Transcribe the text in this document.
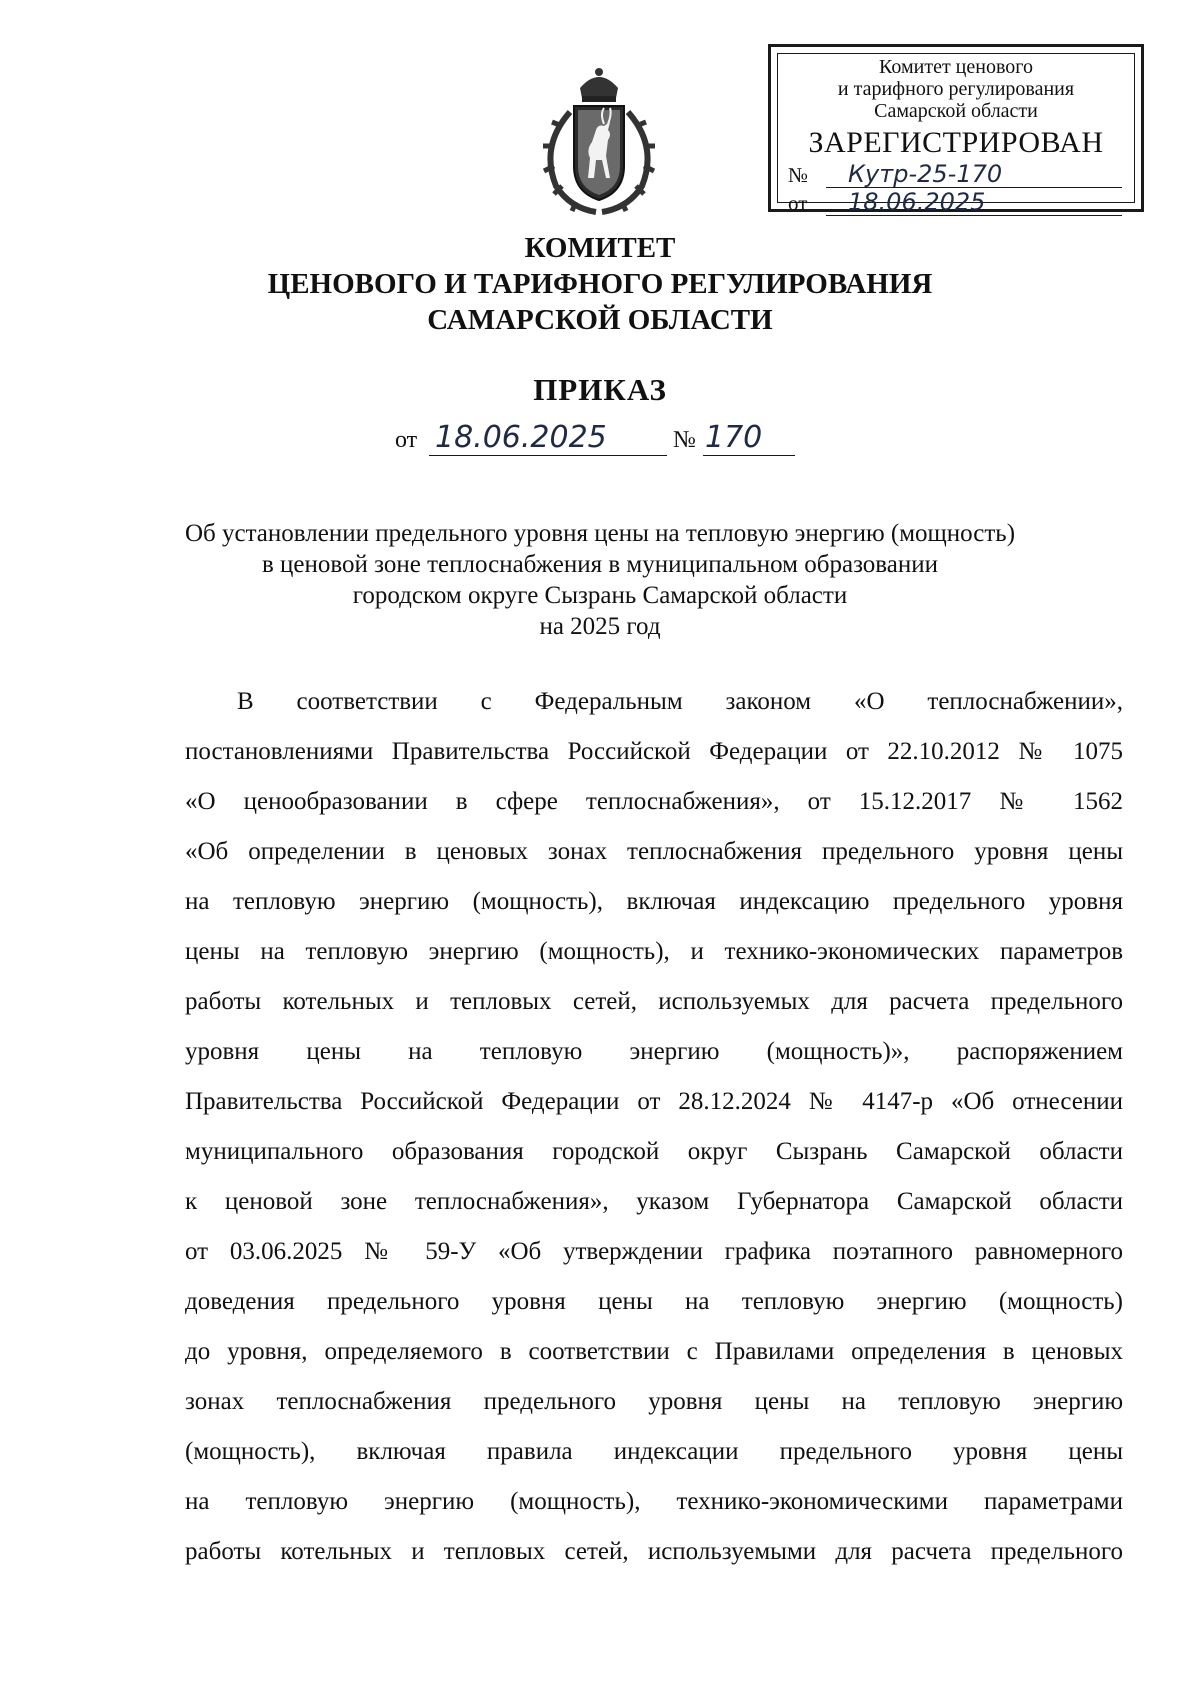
Комитет ценового
и тарифного регулирования
Самарской области
ЗАРЕГИСТРИРОВАН
№	Кутр-25-170
от	18.06.2025
КОМИТЕТ
ЦЕНОВОГО И ТАРИФНОГО РЕГУЛИРОВАНИЯ
САМАРСКОЙ ОБЛАСТИ
ПРИКАЗ
от 18.06.2025	№ 170
Об установлении предельного уровня цены на тепловую энергию (мощность)
в ценовой зоне теплоснабжения в муниципальном образовании
городском округе Сызрань Самарской области
на 2025 год
В соответствии с Федеральным законом «О теплоснабжении»,
постановлениями Правительства Российской Федерации от 22.10.2012 № 1075
«О ценообразовании в сфере теплоснабжения», от 15.12.2017 № 1562
«Об определении в ценовых зонах теплоснабжения предельного уровня цены
на тепловую энергию (мощность), включая индексацию предельного уровня
цены на тепловую энергию (мощность), и технико-экономических параметров
работы котельных и тепловых сетей, используемых для расчета предельного
уровня цены на тепловую энергию (мощность)», распоряжением
Правительства Российской Федерации от 28.12.2024 № 4147-р «Об отнесении
муниципального образования городской округ Сызрань Самарской области
к ценовой зоне теплоснабжения», указом Губернатора Самарской области
от 03.06.2025 № 59-У «Об утверждении графика поэтапного равномерного
доведения предельного уровня цены на тепловую энергию (мощность)
до уровня, определяемого в соответствии с Правилами определения в ценовых
зонах теплоснабжения предельного уровня цены на тепловую энергию
(мощность), включая правила индексации предельного уровня цены
на тепловую энергию (мощность), технико-экономическими параметрами
работы котельных и тепловых сетей, используемыми для расчета предельного
